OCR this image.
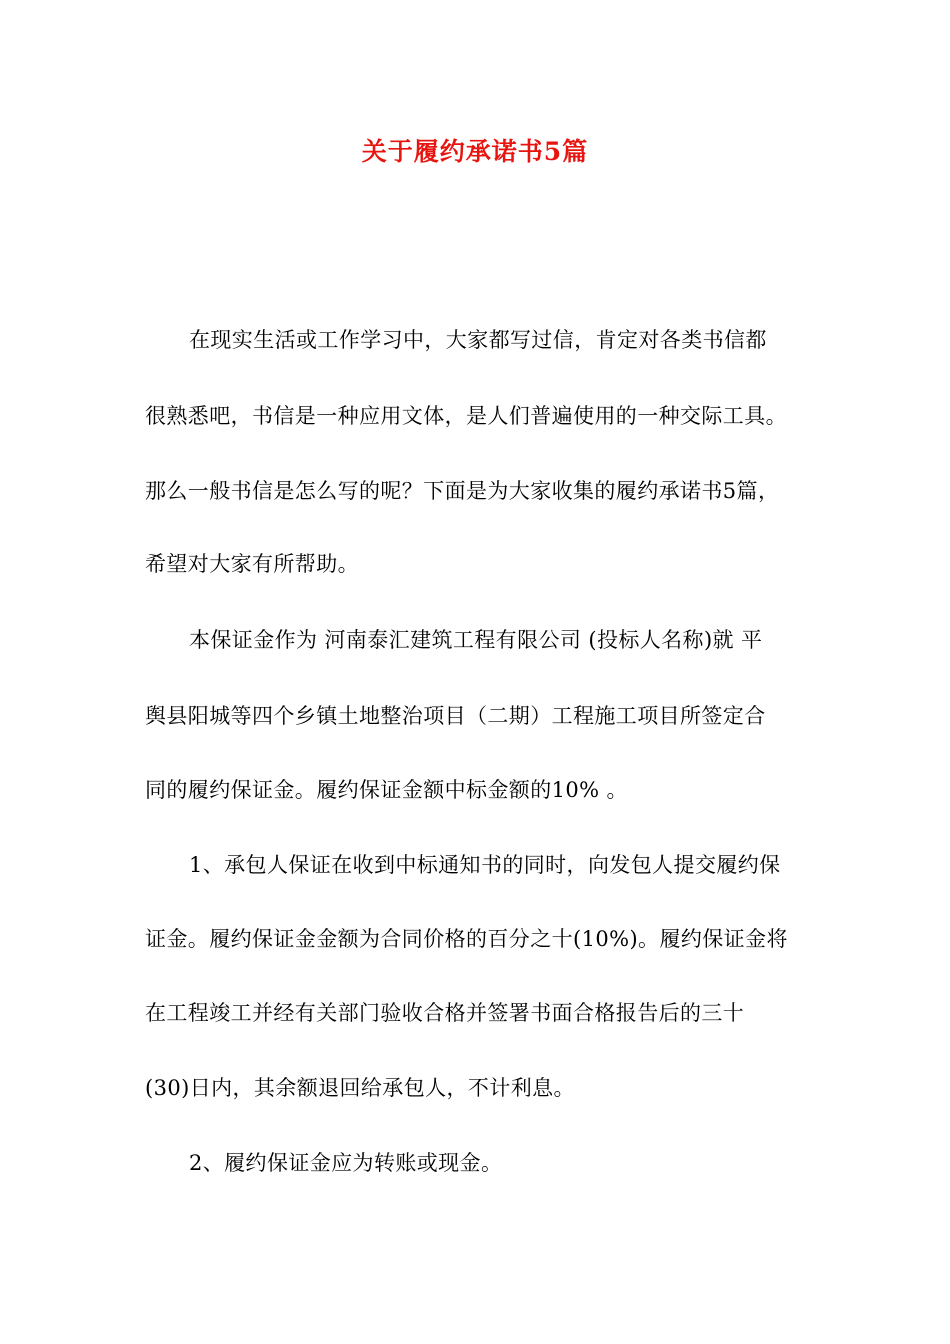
关于履约承诺书5篇
在现实生活或工作学习中，大家都写过信，肯定对各类书信都
很熟悉吧，书信是一种应用文体，是人们普遍使用的一种交际工具。
那么一般书信是怎么写的呢？下面是为大家收集的履约承诺书5篇，
希望对大家有所帮助。
本保证金作为 河南泰汇建筑工程有限公司 (投标人名称)就 平
舆县阳城等四个乡镇土地整治项目（二期）工程施工项目所签定合
同的履约保证金。履约保证金额中标金额的10% 。
1、承包人保证在收到中标通知书的同时，向发包人提交履约保
证金。履约保证金金额为合同价格的百分之十(10%)。履约保证金将
在工程竣工并经有关部门验收合格并签署书面合格报告后的三十
(30)日内，其余额退回给承包人，不计利息。
2、履约保证金应为转账或现金。
